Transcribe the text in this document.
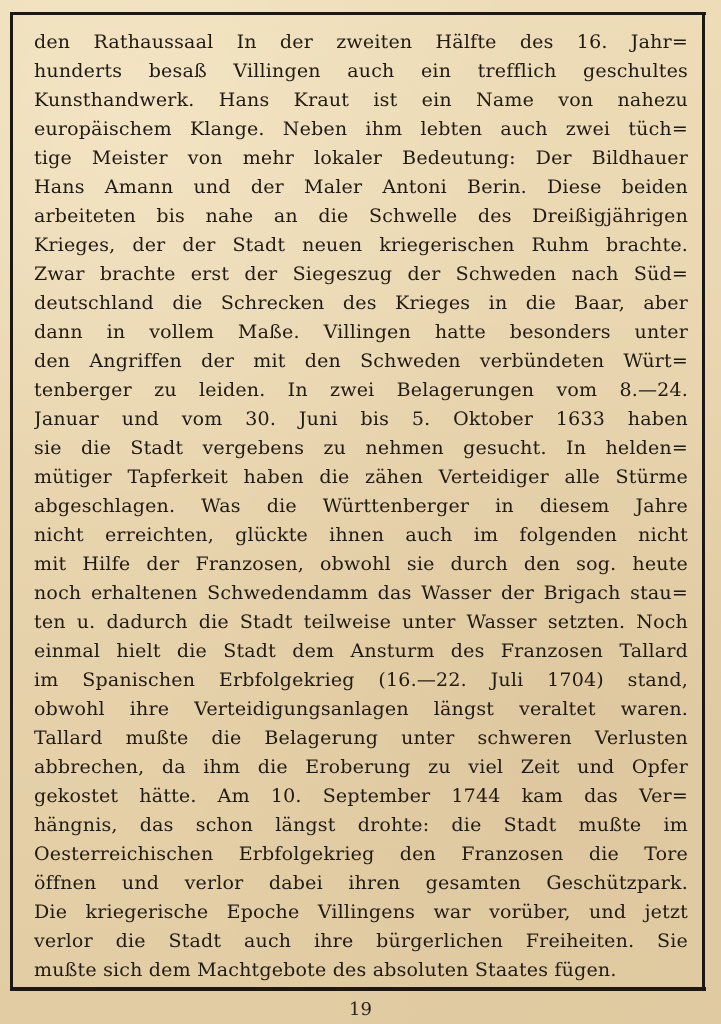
den Rathaussaal In der zweiten Hälfte des 16. Jahr=
hunderts besaß Villingen auch ein trefflich geschultes
Kunsthandwerk. Hans Kraut ist ein Name von nahezu
europäischem Klange. Neben ihm lebten auch zwei tüch=
tige Meister von mehr lokaler Bedeutung: Der Bildhauer
Hans Amann und der Maler Antoni Berin. Diese beiden
arbeiteten bis nahe an die Schwelle des Dreißigjährigen
Krieges, der der Stadt neuen kriegerischen Ruhm brachte.
Zwar brachte erst der Siegeszug der Schweden nach Süd=
deutschland die Schrecken des Krieges in die Baar, aber
dann in vollem Maße. Villingen hatte besonders unter
den Angriffen der mit den Schweden verbündeten Würt=
tenberger zu leiden. In zwei Belagerungen vom 8.—24.
Januar und vom 30. Juni bis 5. Oktober 1633 haben
sie die Stadt vergebens zu nehmen gesucht. In helden=
mütiger Tapferkeit haben die zähen Verteidiger alle Stürme
abgeschlagen. Was die Württenberger in diesem Jahre
nicht erreichten, glückte ihnen auch im folgenden nicht
mit Hilfe der Franzosen, obwohl sie durch den sog. heute
noch erhaltenen Schwedendamm das Wasser der Brigach stau=
ten u. dadurch die Stadt teilweise unter Wasser setzten. Noch
einmal hielt die Stadt dem Ansturm des Franzosen Tallard
im Spanischen Erbfolgekrieg (16.—22. Juli 1704) stand,
obwohl ihre Verteidigungsanlagen längst veraltet waren.
Tallard mußte die Belagerung unter schweren Verlusten
abbrechen, da ihm die Eroberung zu viel Zeit und Opfer
gekostet hätte. Am 10. September 1744 kam das Ver=
hängnis, das schon längst drohte: die Stadt mußte im
Oesterreichischen Erbfolgekrieg den Franzosen die Tore
öffnen und verlor dabei ihren gesamten Geschützpark.
Die kriegerische Epoche Villingens war vorüber, und jetzt
verlor die Stadt auch ihre bürgerlichen Freiheiten. Sie
mußte sich dem Machtgebote des absoluten Staates fügen.
19
